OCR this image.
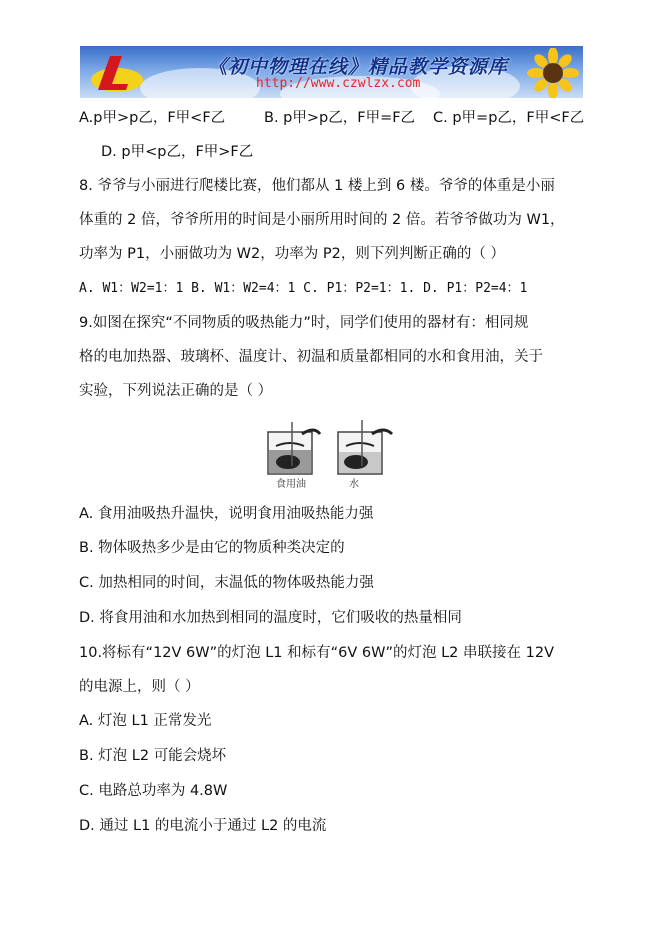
《初中物理在线》精品教学资源库
http://www.czwlzx.com
A.p甲>p乙，F甲<F乙	B. p甲>p乙，F甲=F乙 C. p甲=p乙，F甲<F乙
D. p甲<p乙，F甲>F乙
8. 爷爷与小丽进行爬楼比赛，他们都从 1 楼上到 6 楼。爷爷的体重是小丽
体重的 2 倍，爷爷所用的时间是小丽所用时间的 2 倍。若爷爷做功为 W1，
功率为 P1，小丽做功为 W2，功率为 P2，则下列判断正确的（ ）
A. W1：W2=1：1 B. W1：W2=4：1 C. P1：P2=1：1. D. P1：P2=4：1
9.如图在探究“不同物质的吸热能力”时，同学们使用的器材有：相同规
格的电加热器、玻璃杯、温度计、初温和质量都相同的水和食用油，关于
实验，下列说法正确的是（ ）
食用油	水
A. 食用油吸热升温快，说明食用油吸热能力强
B. 物体吸热多少是由它的物质种类决定的
C. 加热相同的时间，末温低的物体吸热能力强
D. 将食用油和水加热到相同的温度时，它们吸收的热量相同
10.将标有“12V 6W”的灯泡 L1 和标有“6V 6W”的灯泡 L2 串联接在 12V
的电源上，则（ ）
A. 灯泡 L1 正常发光
B. 灯泡 L2 可能会烧坏
C. 电路总功率为 4.8W
D. 通过 L1 的电流小于通过 L2 的电流
